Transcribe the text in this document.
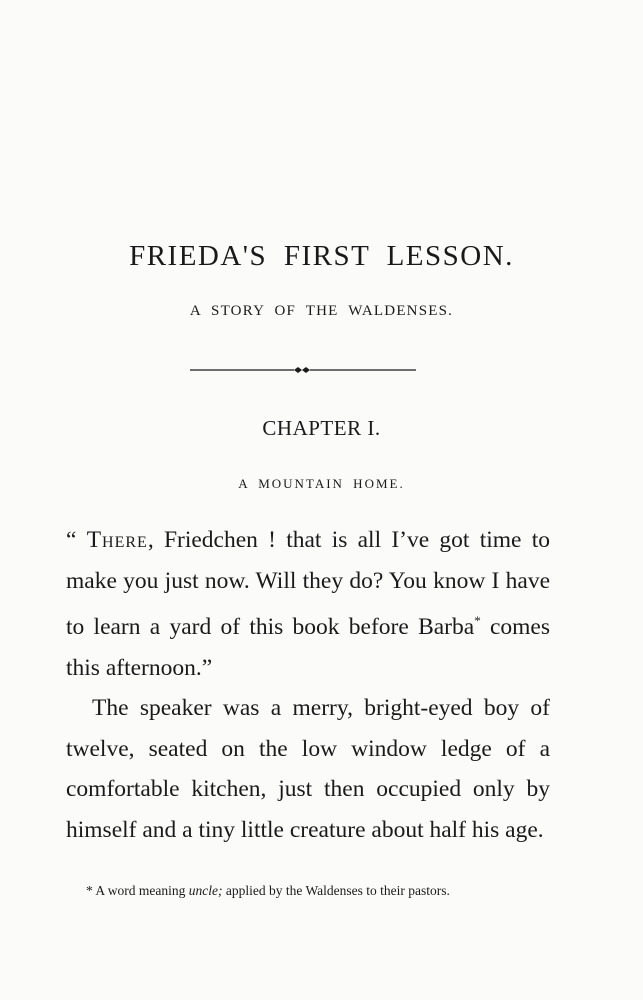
FRIEDA'S FIRST LESSON.
A STORY OF THE WALDENSES.
CHAPTER I.
A MOUNTAIN HOME.

“ There, Friedchen ! that is all I’ve got time to make you just now. Will they do? You know I have to learn a yard of this book before Barba* comes this afternoon.”

The speaker was a merry, bright-eyed boy of twelve, seated on the low window ledge of a comfortable kitchen, just then occupied only by himself and a tiny little creature about half his age.

* A word meaning uncle; applied by the Waldenses to their pastors.
